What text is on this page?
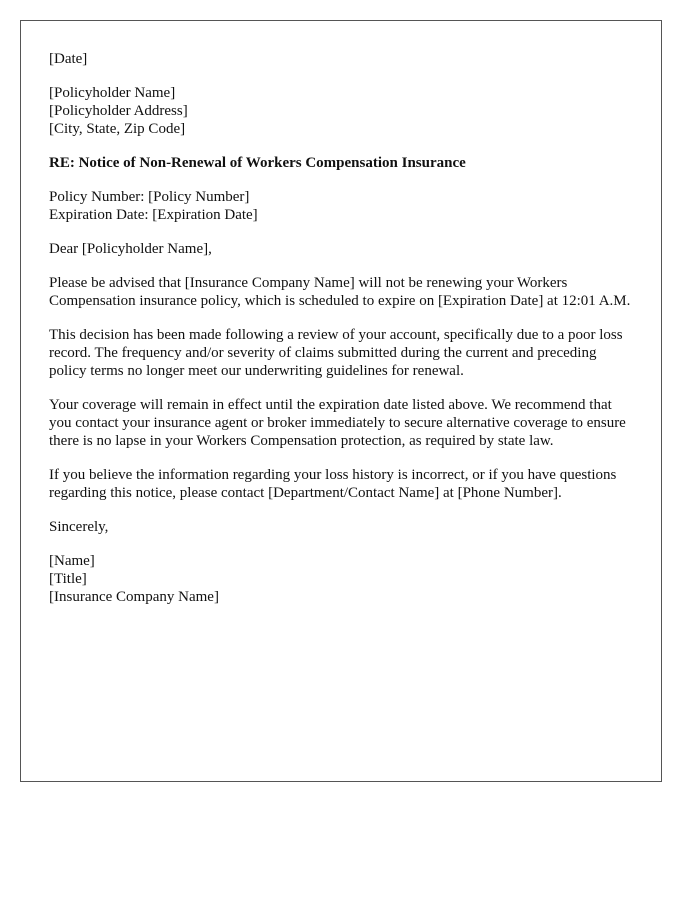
[Date]
[Policyholder Name]
[Policyholder Address]
[City, State, Zip Code]
RE: Notice of Non-Renewal of Workers Compensation Insurance
Policy Number: [Policy Number]
Expiration Date: [Expiration Date]
Dear [Policyholder Name],

Please be advised that [Insurance Company Name] will not be renewing your Workers Compensation insurance policy, which is scheduled to expire on [Expiration Date] at 12:01 A.M.

This decision has been made following a review of your account, specifically due to a poor loss record. The frequency and/or severity of claims submitted during the current and preceding policy terms no longer meet our underwriting guidelines for renewal.

Your coverage will remain in effect until the expiration date listed above. We recommend that you contact your insurance agent or broker immediately to secure alternative coverage to ensure there is no lapse in your Workers Compensation protection, as required by state law.

If you believe the information regarding your loss history is incorrect, or if you have questions regarding this notice, please contact [Department/Contact Name] at [Phone Number].

Sincerely,
[Name]
[Title]
[Insurance Company Name]
